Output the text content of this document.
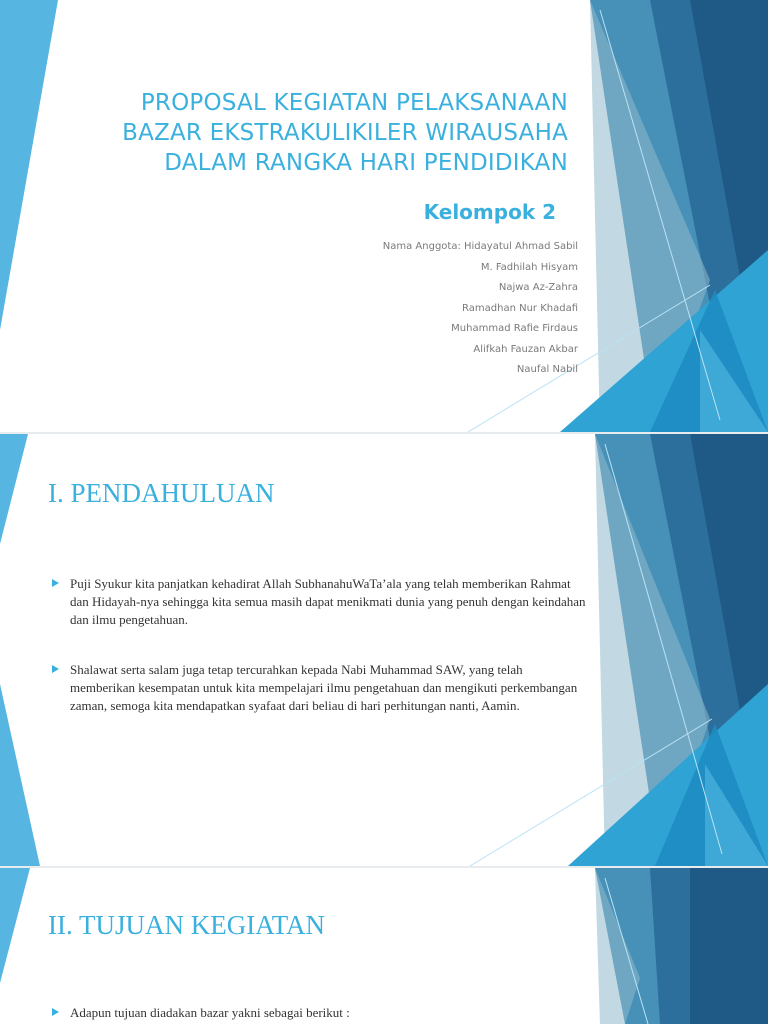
PROPOSAL KEGIATAN PELAKSANAAN
BAZAR EKSTRAKULIKILER WIRAUSAHA
DALAM RANGKA HARI PENDIDIKAN
Kelompok 2
Nama Anggota: Hidayatul Ahmad Sabil
M. Fadhilah Hisyam
Najwa Az-Zahra
Ramadhan Nur Khadafi
Muhammad Rafie Firdaus
Alifkah Fauzan Akbar
Naufal Nabil
I. PENDAHULUAN
Puji Syukur kita panjatkan kehadirat Allah SubhanahuWaTa’ala yang telah memberikan Rahmat dan Hidayah-nya sehingga kita semua masih dapat menikmati dunia yang penuh dengan keindahan dan ilmu pengetahuan.
Shalawat serta salam juga tetap tercurahkan kepada Nabi Muhammad SAW, yang telah memberikan kesempatan untuk kita mempelajari ilmu pengetahuan dan mengikuti perkembangan zaman, semoga kita mendapatkan syafaat dari beliau di hari perhitungan nanti, Aamin.
II. TUJUAN KEGIATAN
Adapun tujuan diadakan bazar yakni sebagai berikut :
